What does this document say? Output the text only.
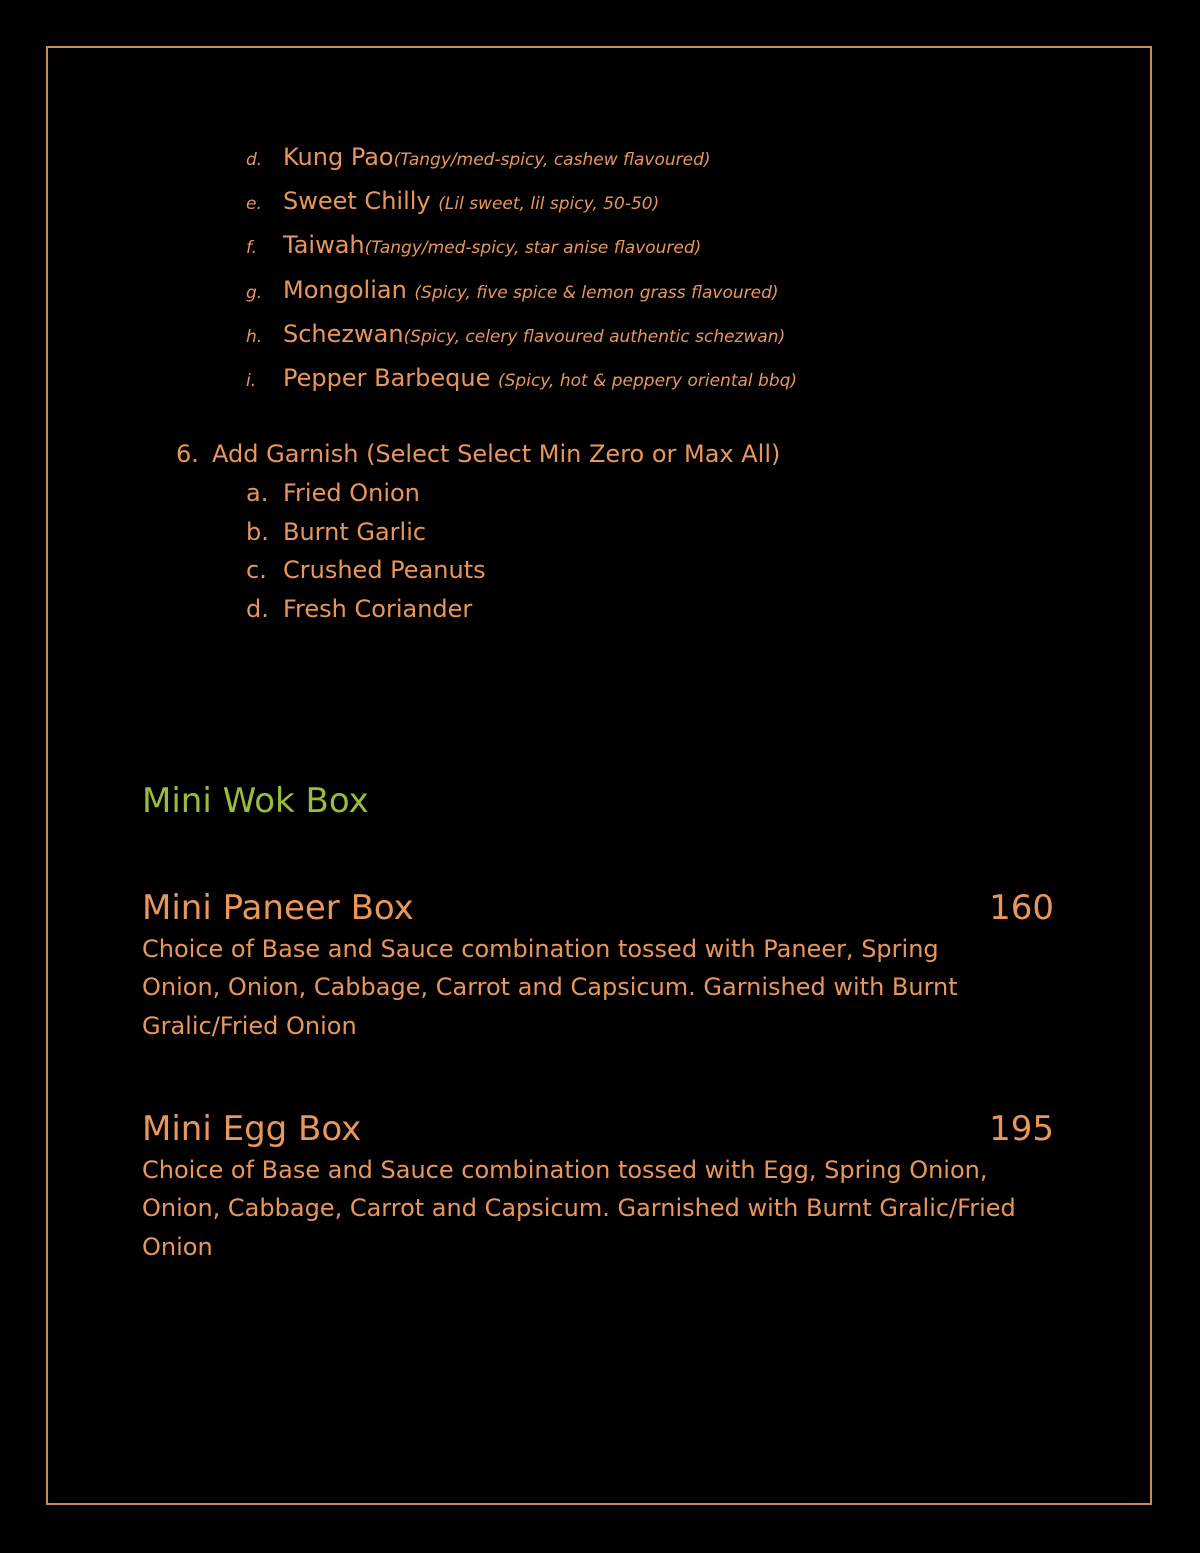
d. Kung Pao (Tangy/med-spicy, cashew flavoured)
e. Sweet Chilly (Lil sweet, lil spicy, 50-50)
f.	Taiwah (Tangy/med-spicy, star anise flavoured)
g. Mongolian (Spicy, five spice & lemon grass flavoured)
h. Schezwan (Spicy, celery flavoured authentic schezwan)
i.	Pepper Barbeque (Spicy, hot & peppery oriental bbq)
6. Add Garnish (Select Select Min Zero or Max All)
a. Fried Onion
b. Burnt Garlic
c. Crushed Peanuts
d. Fresh Coriander
Mini Wok Box
Mini Paneer Box	160
Choice of Base and Sauce combination tossed with Paneer, Spring Onion, Onion, Cabbage, Carrot and Capsicum. Garnished with Burnt Gralic/Fried Onion
Mini Egg Box	195
Choice of Base and Sauce combination tossed with Egg, Spring Onion, Onion, Cabbage, Carrot and Capsicum. Garnished with Burnt Gralic/Fried Onion
